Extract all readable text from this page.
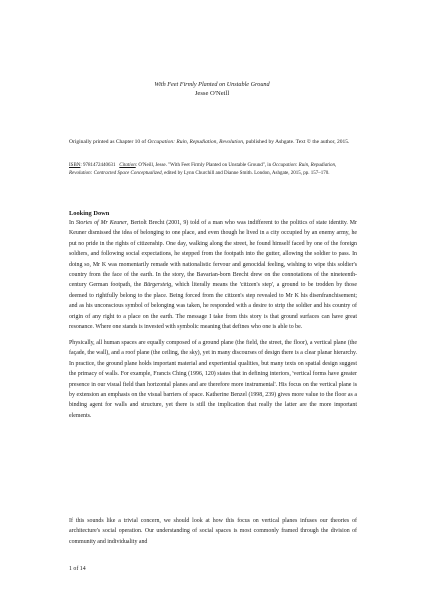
With Feet Firmly Planted on Unstable Ground
Jesse O'Neill
Originally printed as Chapter 10 of Occupation: Ruin, Repudiation, Revolution, published by Ashgate. Text © the author, 2015.
ISBN: 9781472440631 Citation: O'Neill, Jesse. "With Feet Firmly Planted on Unstable Ground", in Occupation: Ruin, Repudiation, Revolution: Contracted Space Conceptualized, edited by Lynn Churchill and Dianne Smith. London, Ashgate, 2015, pp. 157–170.
Looking Down
In Stories of Mr Keuner, Bertolt Brecht (2001, 9) told of a man who was indifferent to the politics of state identity. Mr Keuner dismissed the idea of belonging to one place, and even though he lived in a city occupied by an enemy army, he put no pride in the rights of citizenship. One day, walking along the street, he found himself faced by one of the foreign soldiers, and following social expectations, he stepped from the footpath into the gutter, allowing the soldier to pass. In doing so, Mr K was momentarily remade with nationalistic fervour and genocidal feeling, wishing to wipe this soldier's country from the face of the earth. In the story, the Bavarian-born Brecht drew on the connotations of the nineteenth-century German footpath, the Bürgersteig, which literally means the 'citizen's step', a ground to be trodden by those deemed to rightfully belong to the place. Being forced from the citizen's step revealed to Mr K his disenfranchisement; and as his unconscious symbol of belonging was taken, he responded with a desire to strip the soldier and his country of origin of any right to a place on the earth. The message I take from this story is that ground surfaces can have great resonance. Where one stands is invested with symbolic meaning that defines who one is able to be.
Physically, all human spaces are equally composed of a ground plane (the field, the street, the floor), a vertical plane (the façade, the wall), and a roof plane (the ceiling, the sky), yet in many discourses of design there is a clear planar hierarchy. In practice, the ground plane holds important material and experiential qualities, but many texts on spatial design suggest the primacy of walls. For example, Francis Ching (1996, 120) states that in defining interiors, 'vertical forms have greater presence in our visual field than horizontal planes and are therefore more instrumental'. His focus on the vertical plane is by extension an emphasis on the visual barriers of space. Katherine Benzel (1998, 239) gives more value to the floor as a binding agent for walls and structure, yet there is still the implication that really the latter are the more important elements.
If this sounds like a trivial concern, we should look at how this focus on vertical planes infuses our theories of architecture's social operation. Our understanding of social spaces is most commonly framed through the division of community and individuality and
1 of 14
